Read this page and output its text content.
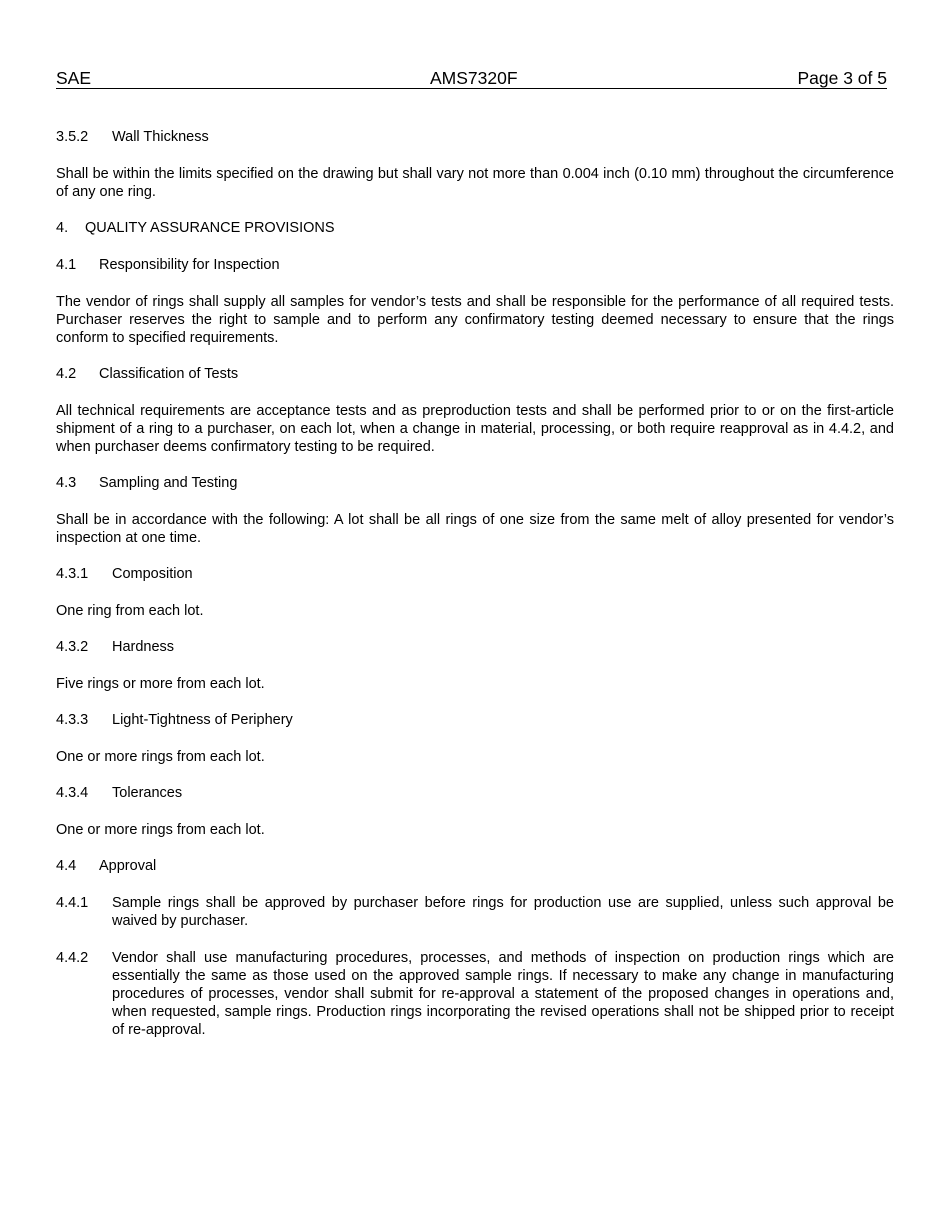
SAE	AMS7320F	Page 3 of 5
3.5.2 Wall Thickness

Shall be within the limits specified on the drawing but shall vary not more than 0.004 inch (0.10 mm) throughout the circumference of any one ring.

4. QUALITY ASSURANCE PROVISIONS
4.1 Responsibility for Inspection

The vendor of rings shall supply all samples for vendor’s tests and shall be responsible for the performance of all required tests. Purchaser reserves the right to sample and to perform any confirmatory testing deemed necessary to ensure that the rings conform to specified requirements.

4.2 Classification of Tests

All technical requirements are acceptance tests and as preproduction tests and shall be performed prior to or on the first-article shipment of a ring to a purchaser, on each lot, when a change in material, processing, or both require reapproval as in 4.4.2, and when purchaser deems confirmatory testing to be required.

4.3 Sampling and Testing

Shall be in accordance with the following: A lot shall be all rings of one size from the same melt of alloy presented for vendor’s inspection at one time.

4.3.1 Composition

One ring from each lot.

4.3.2 Hardness

Five rings or more from each lot.

4.3.3 Light-Tightness of Periphery

One or more rings from each lot.

4.3.4 Tolerances

One or more rings from each lot.

4.4 Approval
4.4.1 Sample rings shall be approved by purchaser before rings for production use are supplied, unless such approval be waived by purchaser.
4.4.2 Vendor shall use manufacturing procedures, processes, and methods of inspection on production rings which are essentially the same as those used on the approved sample rings. If necessary to make any change in manufacturing procedures of processes, vendor shall submit for re-approval a statement of the proposed changes in operations and, when requested, sample rings. Production rings incorporating the revised operations shall not be shipped prior to receipt of re-approval.
